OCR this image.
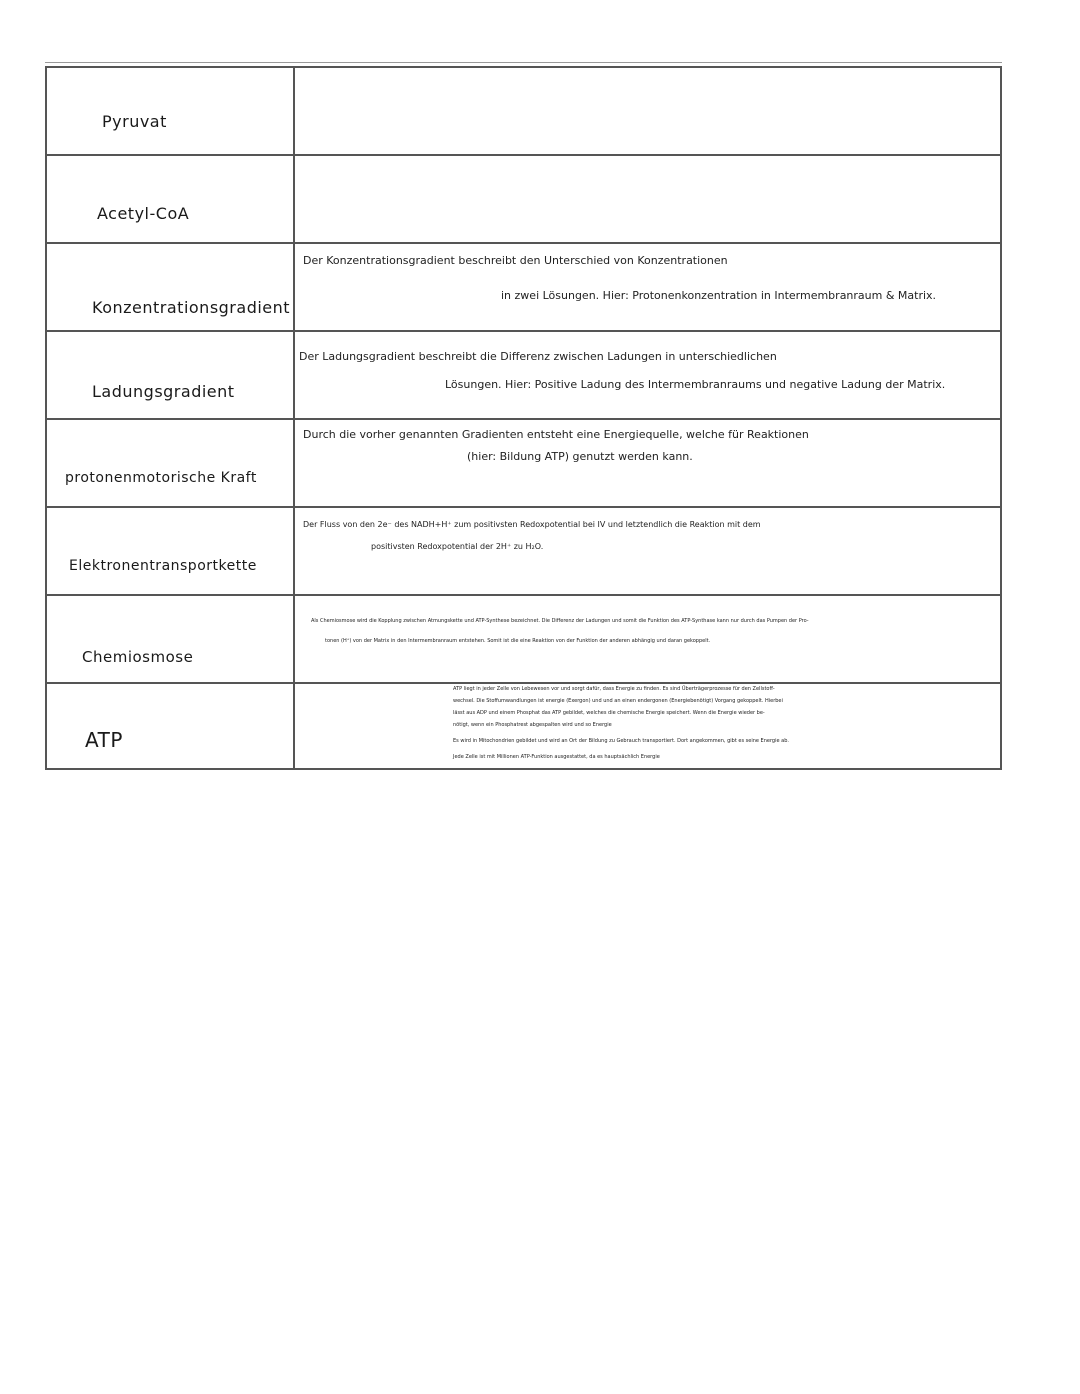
Pyruvat
Acetyl-CoA
Konzentrationsgradient
Der Konzentrationsgradient beschreibt den Unterschied von Konzentrationen
in zwei Lösungen. Hier: Protonenkonzentration in Intermembranraum & Matrix.
Ladungsgradient
Der Ladungsgradient beschreibt die Differenz zwischen Ladungen in unterschiedlichen
Lösungen. Hier: Positive Ladung des Intermembranraums und negative Ladung der Matrix.
protonenmotorische Kraft
Durch die vorher genannten Gradienten entsteht eine Energiequelle, welche für Reaktionen
(hier: Bildung ATP) genutzt werden kann.
Elektronentransportkette
Der Fluss von den 2e⁻ des NADH+H⁺ zum positivsten Redoxpotential bei IV und letztendlich die Reaktion mit dem
positivsten Redoxpotential der 2H⁺ zu H₂O.
Chemiosmose
Als Chemiosmose wird die Kopplung zwischen Atmungskette und ATP-Synthese bezeichnet. Die Differenz der Ladungen und somit die Funktion des ATP-Synthase kann nur durch das Pumpen der Pro-
tonen (H⁺) von der Matrix in den Intermembranraum entstehen. Somit ist die eine Reaktion von der Funktion der anderen abhängig und daran gekoppelt.
ATP
ATP liegt in jeder Zelle von Lebewesen vor und sorgt dafür, dass Energie zu finden. Es sind Überträgerprozesse für den Zellstoff-
wechsel. Die Stoffumwandlungen ist energie (Exergon) und und an einen endergonen (Energiebenötigt) Vorgang gekoppelt. Hierbei
lässt aus ADP und einem Phosphat das ATP gebildet, welches die chemische Energie speichert. Wenn die Energie wieder be-
nötigt, wenn ein Phosphatrest abgespalten wird und so Energie
Es wird in Mitochondrien gebildet und wird an Ort der Bildung zu Gebrauch transportiert. Dort angekommen, gibt es seine Energie ab.
Jede Zelle ist mit Millionen ATP-Funktion ausgestattet, da es hauptsächlich Energie
